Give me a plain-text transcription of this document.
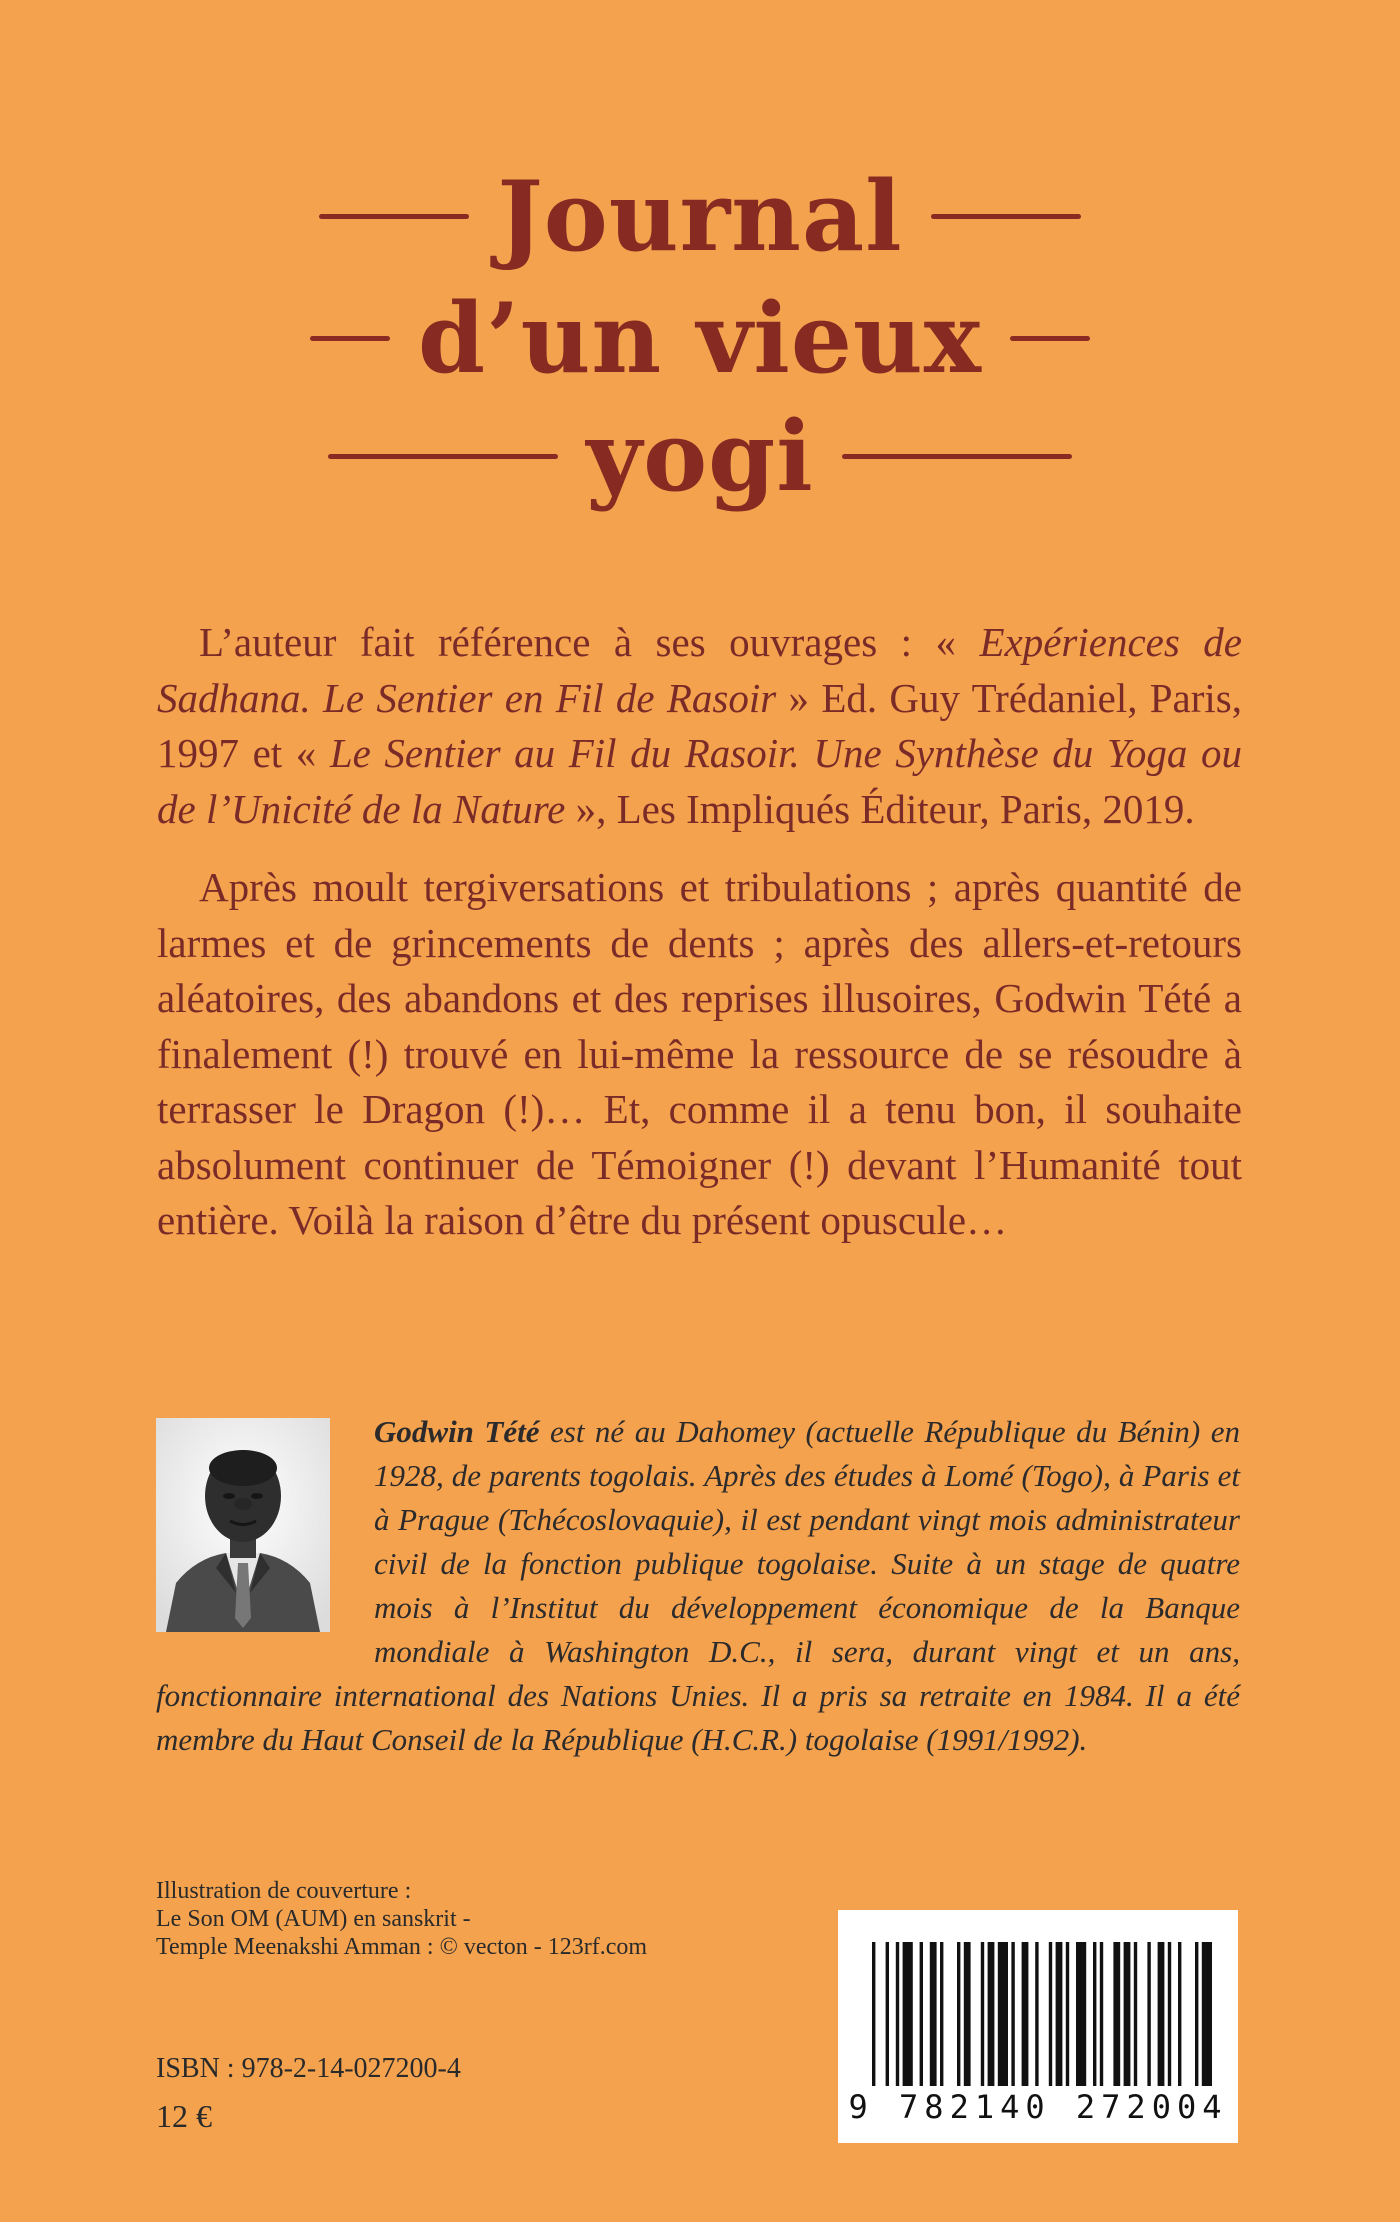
Journal
d’un vieux
yogi

L’auteur fait référence à ses ouvrages : « Expériences de Sadhana. Le Sentier en Fil de Rasoir » Ed. Guy Trédaniel, Paris, 1997 et « Le Sentier au Fil du Rasoir. Une Synthèse du Yoga ou de l’Unicité de la Nature », Les Impliqués Éditeur, Paris, 2019.

Après moult tergiversations et tribulations ; après quantité de larmes et de grincements de dents ; après des allers-et-retours aléatoires, des abandons et des reprises illusoires, Godwin Tété a finalement (!) trouvé en lui-même la ressource de se résoudre à terrasser le Dragon (!)… Et, comme il a tenu bon, il souhaite absolument continuer de Témoigner (!) devant l’Humanité tout entière. Voilà la raison d’être du présent opuscule…

Godwin Tété est né au Dahomey (actuelle République du Bénin) en 1928, de parents togolais. Après des études à Lomé (Togo), à Paris et à Prague (Tchécoslovaquie), il est pendant vingt mois administrateur civil de la fonction publique togolaise. Suite à un stage de quatre mois à l’Institut du développement économique de la Banque mondiale à Washington D.C., il sera, durant vingt et un ans, fonctionnaire international des Nations Unies. Il a pris sa retraite en 1984. Il a été membre du Haut Conseil de la République (H.C.R.) togolaise (1991/1992).

Illustration de couverture :
Le Son OM (AUM) en sanskrit -
Temple Meenakshi Amman : © vecton - 123rf.com
ISBN : 978-2-14-027200-4
12 €	9 782140 272004
